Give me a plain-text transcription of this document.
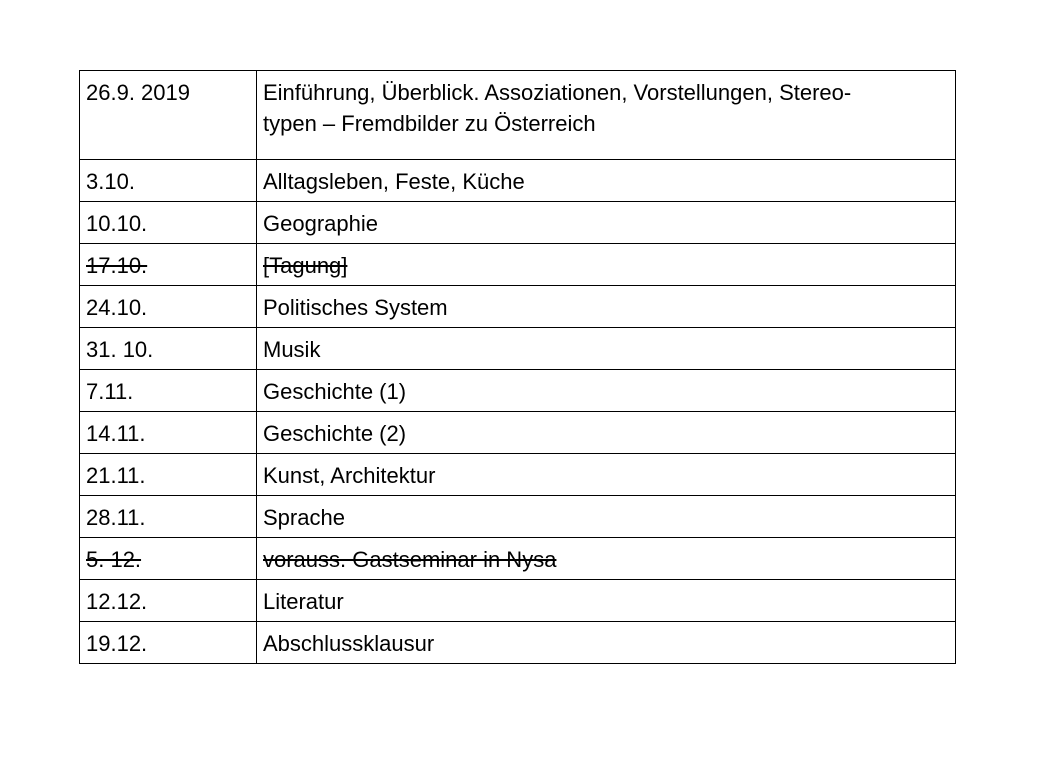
26.9. 2019	Einführung, Überblick. Assoziationen, Vorstellungen, Stereo-
typen – Fremdbilder zu Österreich
3.10.	Alltagsleben, Feste, Küche
10.10.	Geographie
17.10.	[Tagung]
24.10.	Politisches System
31. 10.	Musik
7.11.	Geschichte (1)
14.11.	Geschichte (2)
21.11.	Kunst, Architektur
28.11.	Sprache
5. 12.	vorauss. Gastseminar in Nysa
12.12.	Literatur
19.12.	Abschlussklausur
